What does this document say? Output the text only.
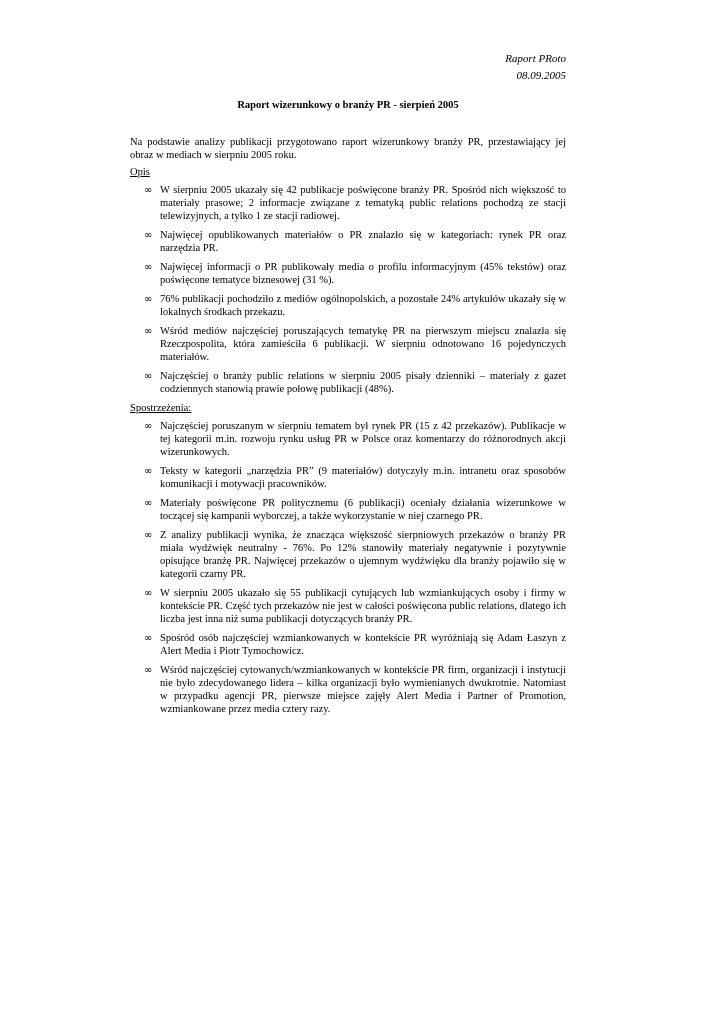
Raport PRoto
08.09.2005
Raport wizerunkowy o branży PR - sierpień 2005

Na podstawie analizy publikacji przygotowano raport wizerunkowy branży PR, przestawiający jej obraz w mediach w sierpniu 2005 roku.

Opis
∞ W sierpniu 2005 ukazały się 42 publikacje poświęcone branży PR. Spośród nich większość to materiały prasowe; 2 informacje związane z tematyką public relations pochodzą ze stacji telewizyjnych, a tylko 1 ze stacji radiowej.
∞ Najwięcej opublikowanych materiałów o PR znalazło się w kategoriach: rynek PR oraz narzędzia PR.
∞ Najwięcej informacji o PR publikowały media o profilu informacyjnym (45% tekstów) oraz poświęcone tematyce biznesowej (31 %).
∞ 76% publikacji pochodziło z mediów ogólnopolskich, a pozostałe 24% artykułów ukazały się w lokalnych środkach przekazu.
∞ Wśród mediów najczęściej poruszających tematykę PR na pierwszym miejscu znalazła się Rzeczpospolita, która zamieściła 6 publikacji. W sierpniu odnotowano 16 pojedynczych materiałów.
∞ Najczęściej o branży public relations w sierpniu 2005 pisały dzienniki – materiały z gazet codziennych stanowią prawie połowę publikacji (48%).
Spostrzeżenia:
∞ Najczęściej poruszanym w sierpniu tematem był rynek PR (15 z 42 przekazów). Publikacje w tej kategorii m.in. rozwoju rynku usług PR w Polsce oraz komentarzy do różnorodnych akcji wizerunkowych.
∞ Teksty w kategorii „narzędzia PR” (9 materiałów) dotyczyły m.in. intranetu oraz sposobów komunikacji i motywacji pracowników.
∞ Materiały poświęcone PR politycznemu (6 publikacji) oceniały działania wizerunkowe w toczącej się kampanii wyborczej, a także wykorzystanie w niej czarnego PR.
∞ Z analizy publikacji wynika, że znacząca większość sierpniowych przekazów o branży PR miała wydźwięk neutralny - 76%. Po 12% stanowiły materiały negatywnie i pozytywnie opisujące branżę PR. Najwięcej przekazów o ujemnym wydźwięku dla branży pojawiło się w kategorii czarny PR.
∞ W sierpniu 2005 ukazało się 55 publikacji cytujących lub wzmiankujących osoby i firmy w kontekście PR. Część tych przekazów nie jest w całości poświęcona public relations, dlatego ich liczba jest inna niż suma publikacji dotyczących branży PR.
∞ Spośród osób najczęściej wzmiankowanych w kontekście PR wyróżniają się Adam Łaszyn z Alert Media i Piotr Tymochowicz.
∞ Wśród najczęściej cytowanych/wzmiankowanych w kontekście PR firm, organizacji i instytucji nie było zdecydowanego lidera – kilka organizacji było wymienianych dwukrotnie. Natomiast w przypadku agencji PR, pierwsze miejsce zajęły Alert Media i Partner of Promotion, wzmiankowane przez media cztery razy.
